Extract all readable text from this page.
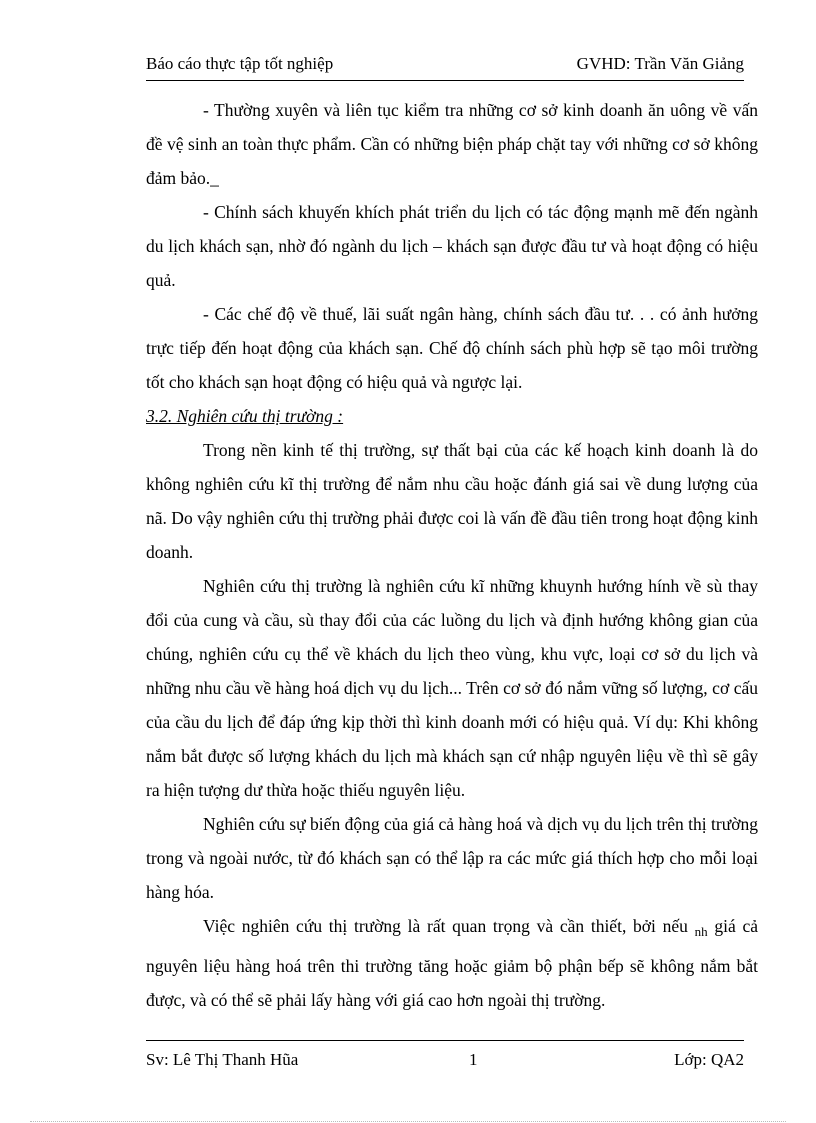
Báo cáo thực tập tốt nghiệp	GVHD: Trần Văn Giảng

- Thường xuyên và liên tục kiểm tra những cơ sở kinh doanh ăn uông về vấn đề vệ sinh an toàn thực phẩm. Cần có những biện pháp chặt tay với những cơ sở không đảm bảo._

- Chính sách khuyến khích phát triển du lịch có tác động mạnh mẽ đến ngành du lịch khách sạn, nhờ đó ngành du lịch – khách sạn được đầu tư và hoạt động có hiệu quả.

- Các chế độ về thuế, lãi suất ngân hàng, chính sách đầu tư. . . có ảnh hưởng trực tiếp đến hoạt động của khách sạn. Chế độ chính sách phù hợp sẽ tạo môi trường tốt cho khách sạn hoạt động có hiệu quả và ngược lại.

3.2. Nghiên cứu thị trường :

Trong nền kinh tế thị trường, sự thất bại của các kế hoạch kinh doanh là do không nghiên cứu kĩ thị trường để nắm nhu cầu hoặc đánh giá sai về dung lượng của nã. Do vậy nghiên cứu thị trường phải được coi là vấn đề đầu tiên trong hoạt động kinh doanh.

Nghiên cứu thị trường là nghiên cứu kĩ những khuynh hướng hính về sù thay đổi của cung và cầu, sù thay đổi của các luồng du lịch và định hướng không gian của chúng, nghiên cứu cụ thể về khách du lịch theo vùng, khu vực, loại cơ sở du lịch và những nhu cầu về hàng hoá dịch vụ du lịch... Trên cơ sở đó nắm vững số lượng, cơ cấu của cầu du lịch để đáp ứng kịp thời thì kinh doanh mới có hiệu quả. Ví dụ: Khi không nắm bắt được số lượng khách du lịch mà khách sạn cứ nhập nguyên liệu về thì sẽ gây ra hiện tượng dư thừa hoặc thiếu nguyên liệu.

Nghiên cứu sự biến động của giá cả hàng hoá và dịch vụ du lịch trên thị trường trong và ngoài nước, từ đó khách sạn có thể lập ra các mức giá thích hợp cho mỗi loại hàng hóa.

Việc nghiên cứu thị trường là rất quan trọng và cần thiết, bởi nếu $_{nh}$ giá cả nguyên liệu hàng hoá trên thi trường tăng hoặc giảm bộ phận bếp sẽ không nắm bắt được, và có thể sẽ phải lấy hàng với giá cao hơn ngoài thị trường.

Sv: Lê Thị Thanh Hũa	1	Lớp: QA2
